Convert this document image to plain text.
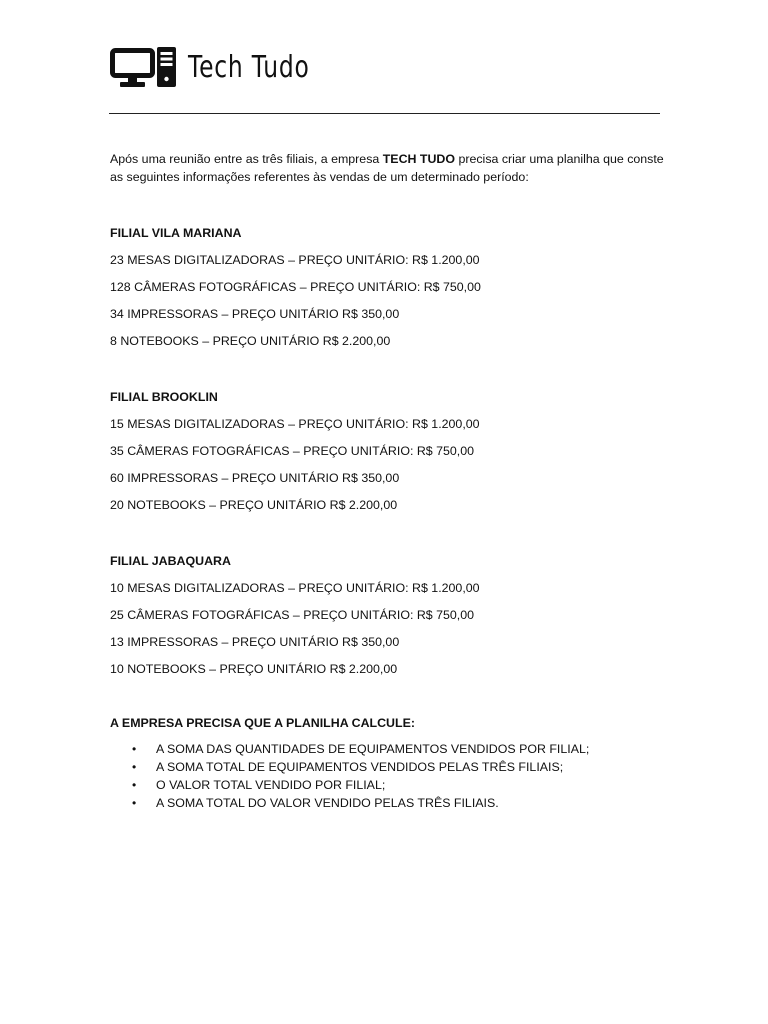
Tech Tudo

Após uma reunião entre as três filiais, a empresa TECH TUDO precisa criar uma planilha que conste as seguintes informações referentes às vendas de um determinado período:

FILIAL VILA MARIANA

23 MESAS DIGITALIZADORAS – PREÇO UNITÁRIO: R$ 1.200,00

128 CÂMERAS FOTOGRÁFICAS – PREÇO UNITÁRIO: R$ 750,00

34 IMPRESSORAS – PREÇO UNITÁRIO R$ 350,00

8 NOTEBOOKS – PREÇO UNITÁRIO R$ 2.200,00

FILIAL BROOKLIN

15 MESAS DIGITALIZADORAS – PREÇO UNITÁRIO: R$ 1.200,00

35 CÂMERAS FOTOGRÁFICAS – PREÇO UNITÁRIO: R$ 750,00

60 IMPRESSORAS – PREÇO UNITÁRIO R$ 350,00

20 NOTEBOOKS – PREÇO UNITÁRIO R$ 2.200,00

FILIAL JABAQUARA

10 MESAS DIGITALIZADORAS – PREÇO UNITÁRIO: R$ 1.200,00

25 CÂMERAS FOTOGRÁFICAS – PREÇO UNITÁRIO: R$ 750,00

13 IMPRESSORAS – PREÇO UNITÁRIO R$ 350,00

10 NOTEBOOKS – PREÇO UNITÁRIO R$ 2.200,00

A EMPRESA PRECISA QUE A PLANILHA CALCULE:

• A SOMA DAS QUANTIDADES DE EQUIPAMENTOS VENDIDOS POR FILIAL;
• A SOMA TOTAL DE EQUIPAMENTOS VENDIDOS PELAS TRÊS FILIAIS;
• O VALOR TOTAL VENDIDO POR FILIAL;
• A SOMA TOTAL DO VALOR VENDIDO PELAS TRÊS FILIAIS.
